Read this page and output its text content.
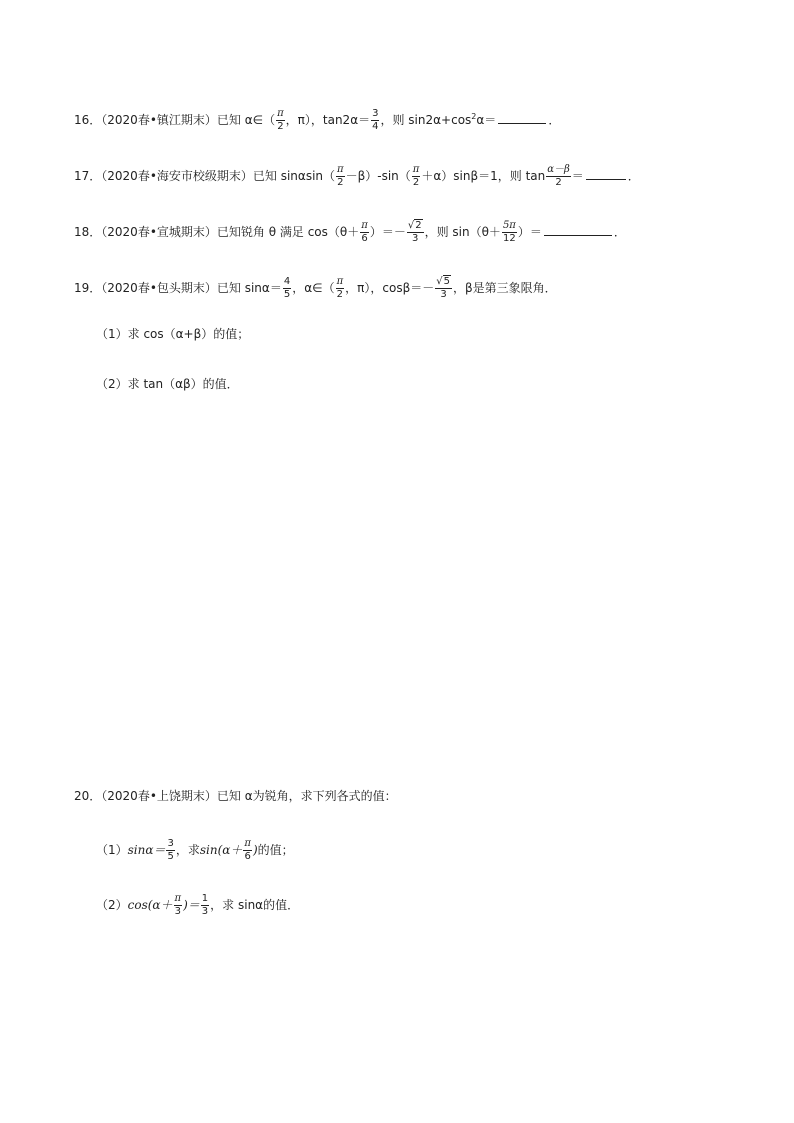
16．（2020春•镇江期末）已知 α∈（ $\frac{\pi}{2}$ ，π），$\tan 2\alpha= \frac{3}{4}$ ，则 $\sin 2\alpha+\cos^2\alpha=$	．
17．（2020春•海安市校级期末）已知 $\sin\alpha\sin( \frac{\pi}{2} -\beta)-\sin( \frac{\pi}{2} +\alpha)\sin\beta=1$，则 $\tan \frac{\alpha-\beta}{2}$ ＝	．
18．（2020春•宣城期末）已知锐角 θ 满足 $\cos(\theta+ \frac{\pi}{6}$ ）＝－ $\frac{√2}{3}$ ，则 $\sin(\theta+ \frac{5\pi}{12}$ ）＝	．
19．（2020春•包头期末）已知 $\sin\alpha= \frac{4}{5}$ ，α∈（ $\frac{\pi}{2}$ ，π），$\cos\beta=- \frac{√5}{3}$ ，β是第三象限角．
（1）求 cos（α+β）的值；
（2）求 tan（αβ）的值．
20．（2020春•上饶期末）已知 α为锐角，求下列各式的值：
$(1)\sin\alpha= \frac{3}{5}$ ，求$\sin(\alpha+ \frac{\pi}{6}$ )的值；
$(2)\cos(\alpha+ \frac{\pi}{3}$ )＝ $\frac{1}{3}$ ，求 sinα的值．
